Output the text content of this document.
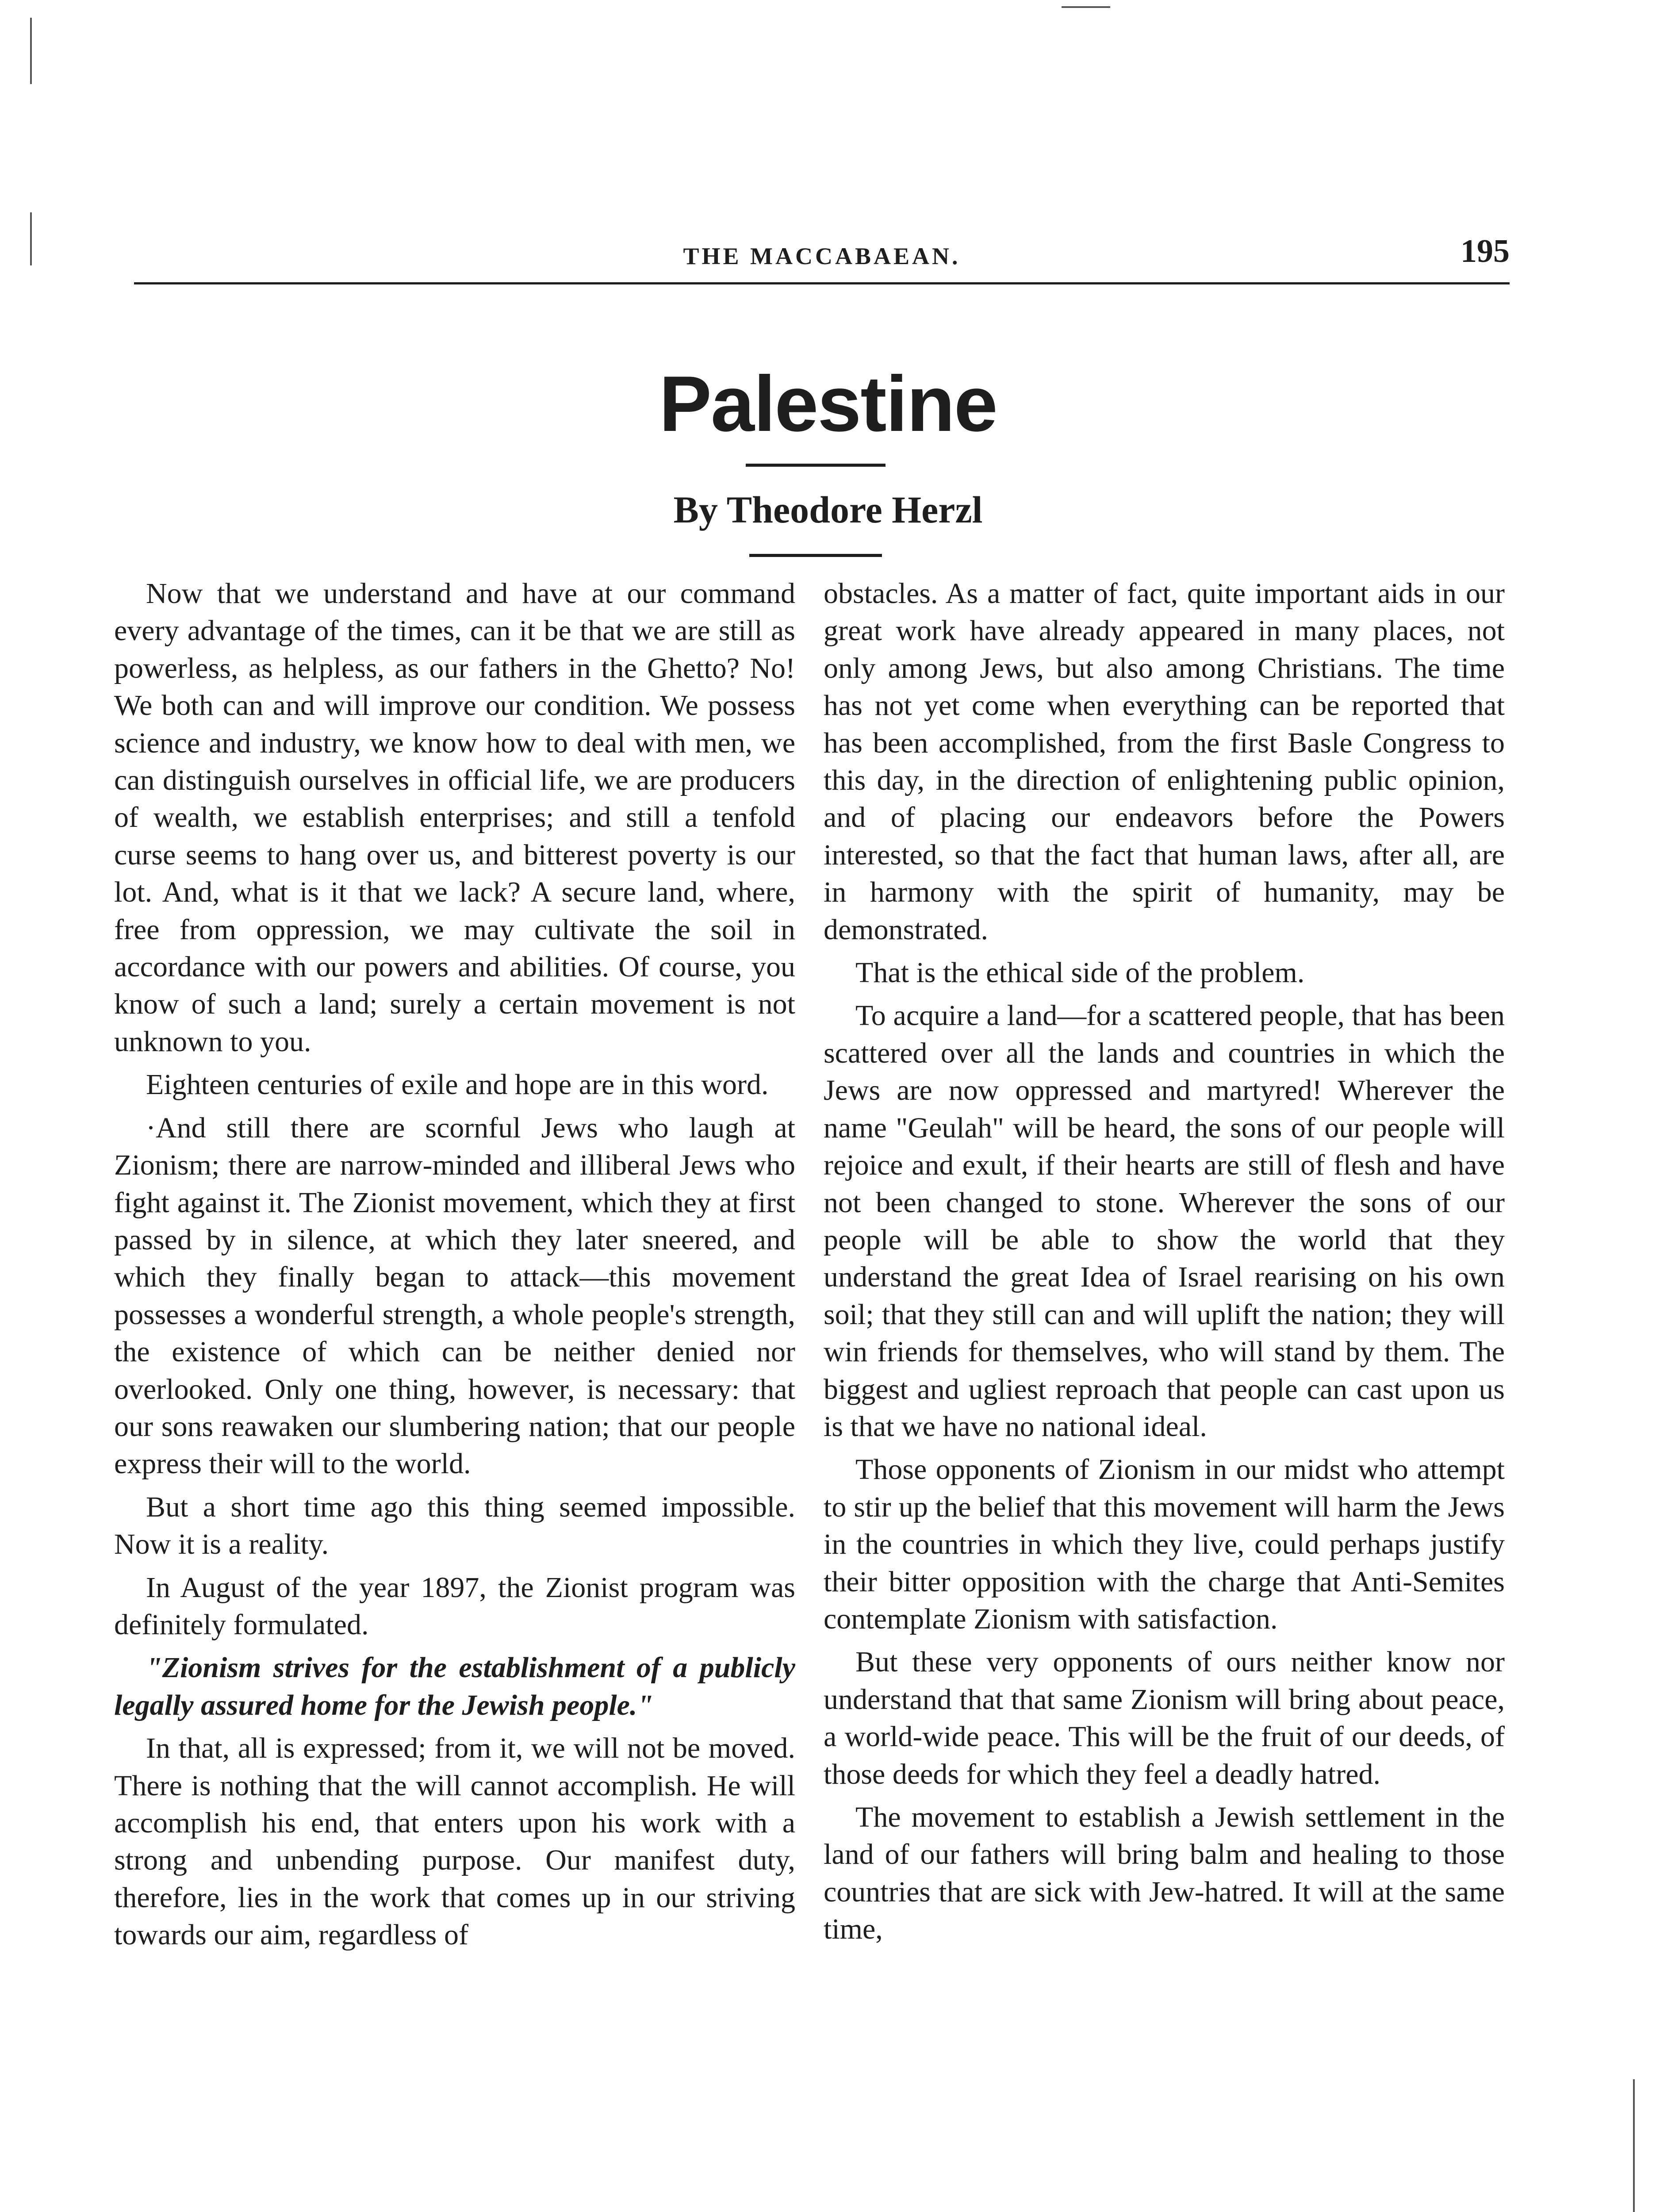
THE MACCABAEAN.	195
Palestine
By Theodore Herzl

Now that we understand and have at our command every advantage of the times, can it be that we are still as powerless, as helpless, as our fathers in the Ghetto? No! We both can and will improve our condition. We possess science and industry, we know how to deal with men, we can distinguish ourselves in official life, we are producers of wealth, we establish enterprises; and still a tenfold curse seems to hang over us, and bitterest poverty is our lot. And, what is it that we lack? A secure land, where, free from oppression, we may cultivate the soil in accordance with our powers and abilities. Of course, you know of such a land; surely a certain movement is not unknown to you.

Eighteen centuries of exile and hope are in this word.

·And still there are scornful Jews who laugh at Zionism; there are narrow-minded and illiberal Jews who fight against it. The Zionist movement, which they at first passed by in silence, at which they later sneered, and which they finally began to attack—this movement possesses a wonderful strength, a whole people's strength, the existence of which can be neither denied nor overlooked. Only one thing, however, is necessary: that our sons reawaken our slumbering nation; that our people express their will to the world.

But a short time ago this thing seemed impossible. Now it is a reality.

In August of the year 1897, the Zionist program was definitely formulated.

"Zionism strives for the establishment of a publicly legally assured home for the Jewish people."

In that, all is expressed; from it, we will not be moved. There is nothing that the will cannot accomplish. He will accomplish his end, that enters upon his work with a strong and unbending purpose. Our manifest duty, therefore, lies in the work that comes up in our striving towards our aim, regardless of

obstacles. As a matter of fact, quite important aids in our great work have already appeared in many places, not only among Jews, but also among Christians. The time has not yet come when everything can be reported that has been accomplished, from the first Basle Congress to this day, in the direction of enlightening public opinion, and of placing our endeavors before the Powers interested, so that the fact that human laws, after all, are in harmony with the spirit of humanity, may be demonstrated.

That is the ethical side of the problem.

To acquire a land—for a scattered people, that has been scattered over all the lands and countries in which the Jews are now oppressed and martyred! Wherever the name "Geulah" will be heard, the sons of our people will rejoice and exult, if their hearts are still of flesh and have not been changed to stone. Wherever the sons of our people will be able to show the world that they understand the great Idea of Israel rearising on his own soil; that they still can and will uplift the nation; they will win friends for themselves, who will stand by them. The biggest and ugliest reproach that people can cast upon us is that we have no national ideal.

Those opponents of Zionism in our midst who attempt to stir up the belief that this movement will harm the Jews in the countries in which they live, could perhaps justify their bitter opposition with the charge that Anti-Semites contemplate Zionism with satisfaction.

But these very opponents of ours neither know nor understand that that same Zionism will bring about peace, a world-wide peace. This will be the fruit of our deeds, of those deeds for which they feel a deadly hatred.

The movement to establish a Jewish settlement in the land of our fathers will bring balm and healing to those countries that are sick with Jew-hatred. It will at the same time,
